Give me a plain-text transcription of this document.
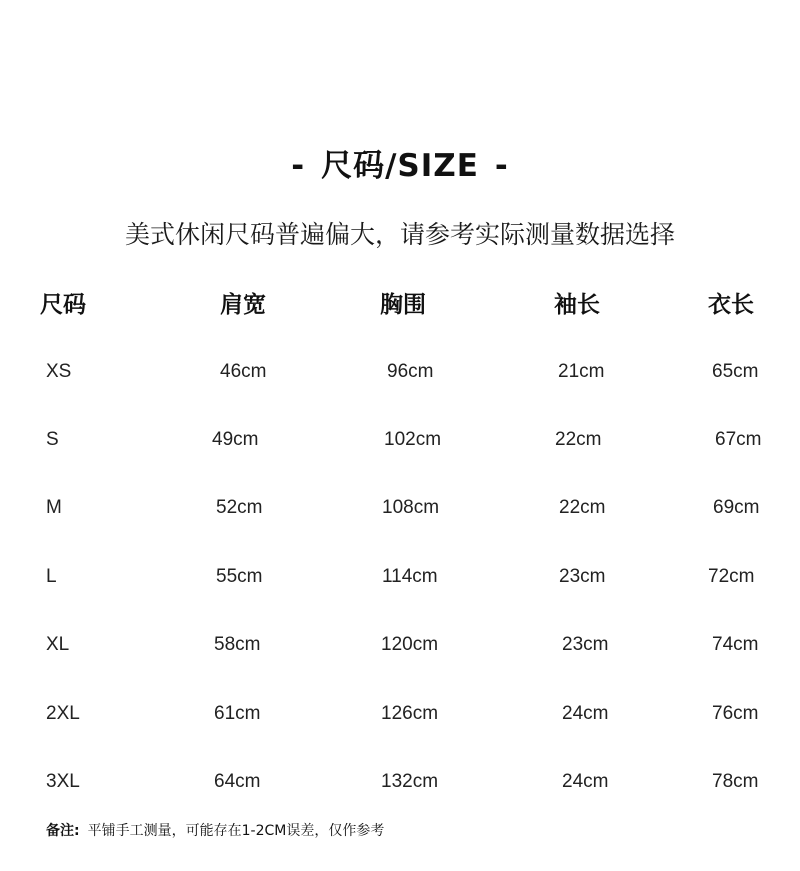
- 尺码/SIZE -
美式休闲尺码普遍偏大，请参考实际测量数据选择
尺码	肩宽	胸围	袖长	衣长
XS	46cm	96cm	21cm	65cm
S	49cm	102cm	22cm	67cm
M	52cm	108cm	22cm	69cm
L	55cm	114cm	23cm	72cm
XL	58cm	120cm	23cm	74cm
2XL	61cm	126cm	24cm	76cm
3XL	64cm	132cm	24cm	78cm
备注: 平铺手工测量，可能存在1-2CM误差，仅作参考
